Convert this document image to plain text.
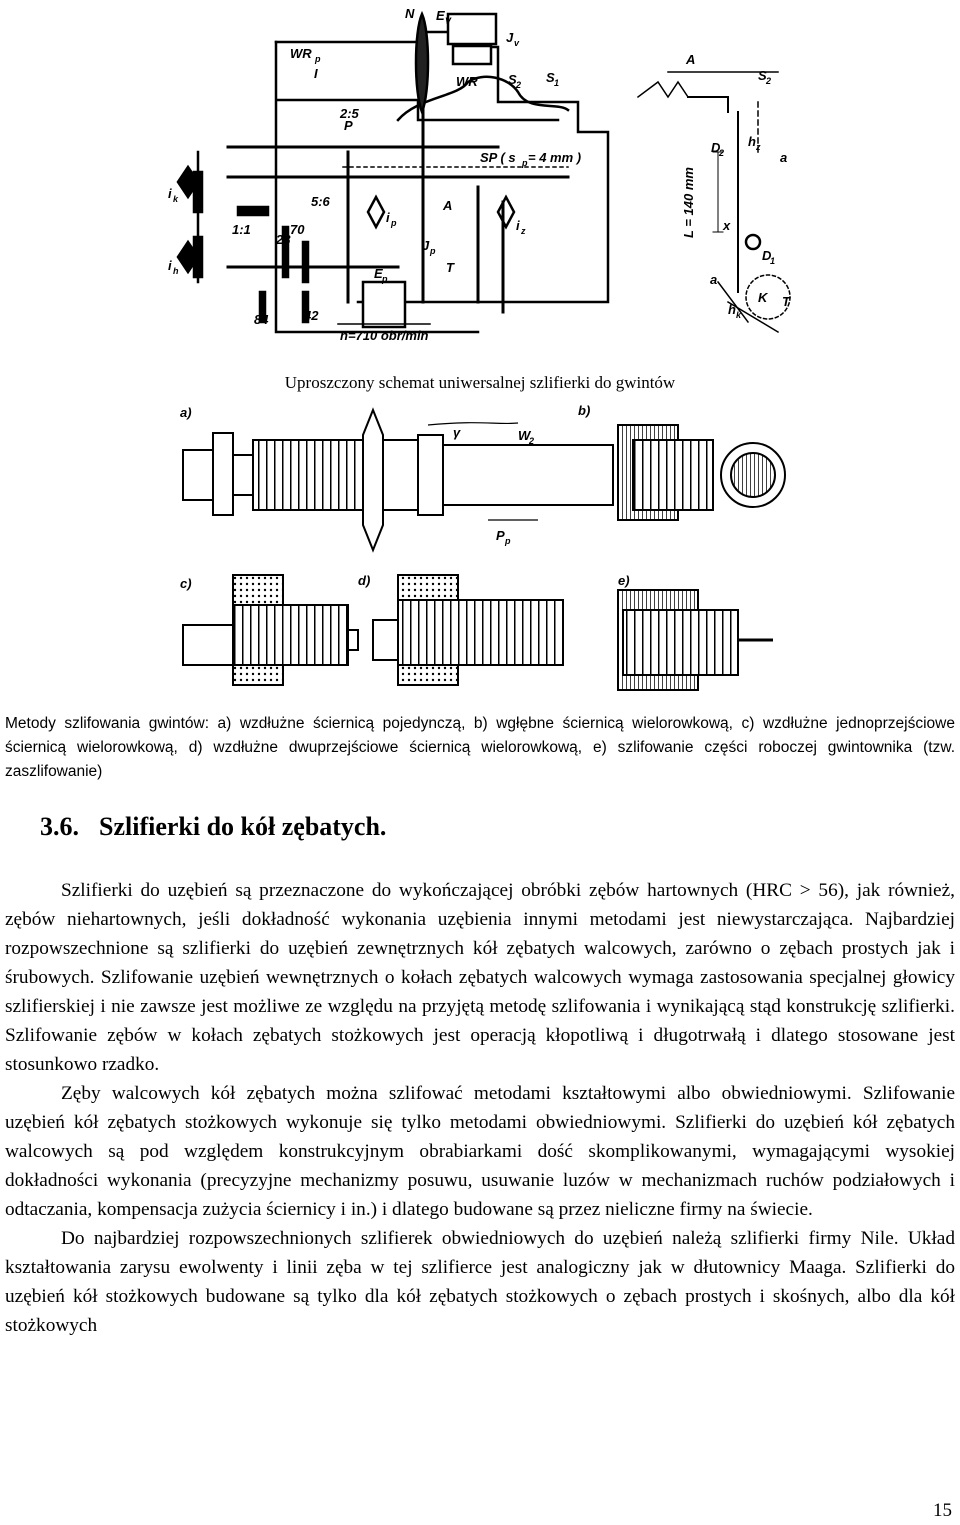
N E V
J v
WR p
I
WR S 2 S 1
A
S 2
2:5
P
SP ( s p = 4 mm )
D
2
h z
a
i k	5:6
i p
A
i z
1:1
28
70
J p
L = 140 mm x
D
1
i h	E p
T
a
K
h k
T
84	42
n=710 obr/min
Uproszczony schemat uniwersalnej szlifierki do gwintów
a)	b)
c)	d)	e)
γ	W
2
P p

Metody szlifowania gwintów: a) wzdłużne ściernicą pojedynczą, b) wgłębne ściernicą wielorowkową, c) wzdłużne jednoprzejściowe ściernicą wielorowkową, d) wzdłużne dwuprzejściowe ściernicą wielorowkową, e) szlifowanie części roboczej gwintownika (tzw. zaszlifowanie)

3.6. Szlifierki do kół zębatych.

Szlifierki do uzębień są przeznaczone do wykończającej obróbki zębów hartownych (HRC > 56), jak również, zębów niehartownych, jeśli dokładność wykonania uzębienia innymi metodami jest niewystarczająca. Najbardziej rozpowszechnione są szlifierki do uzębień zewnętrznych kół zębatych walcowych, zarówno o zębach prostych jak i śrubowych. Szlifowanie uzębień wewnętrznych o kołach zębatych walcowych wymaga zastosowania specjalnej głowicy szlifierskiej i nie zawsze jest możliwe ze względu na przyjętą metodę szlifowania i wynikającą stąd konstrukcję szlifierki. Szlifowanie zębów w kołach zębatych stożkowych jest operacją kłopotliwą i długotrwałą i dlatego stosowane jest stosunkowo rzadko.

Zęby walcowych kół zębatych można szlifować metodami kształtowymi albo obwiedniowymi. Szlifowanie uzębień kół zębatych stożkowych wykonuje się tylko metodami obwiedniowymi. Szlifierki do uzębień kół zębatych walcowych są pod względem konstrukcyjnym obrabiarkami dość skomplikowanymi, wymagającymi wysokiej dokładności wykonania (precyzyjne mechanizmy posuwu, usuwanie luzów w mechanizmach ruchów podziałowych i odtaczania, kompensacja zużycia ściernicy i in.) i dlatego budowane są przez nieliczne firmy na świecie.

Do najbardziej rozpowszechnionych szlifierek obwiedniowych do uzębień należą szlifierki firmy Nile. Układ kształtowania zarysu ewolwenty i linii zęba w tej szlifierce jest analogiczny jak w dłutownicy Maaga. Szlifierki do uzębień kół stożkowych budowane są tylko dla kół zębatych stożkowych o zębach prostych i skośnych, albo dla kół stożkowych

15
